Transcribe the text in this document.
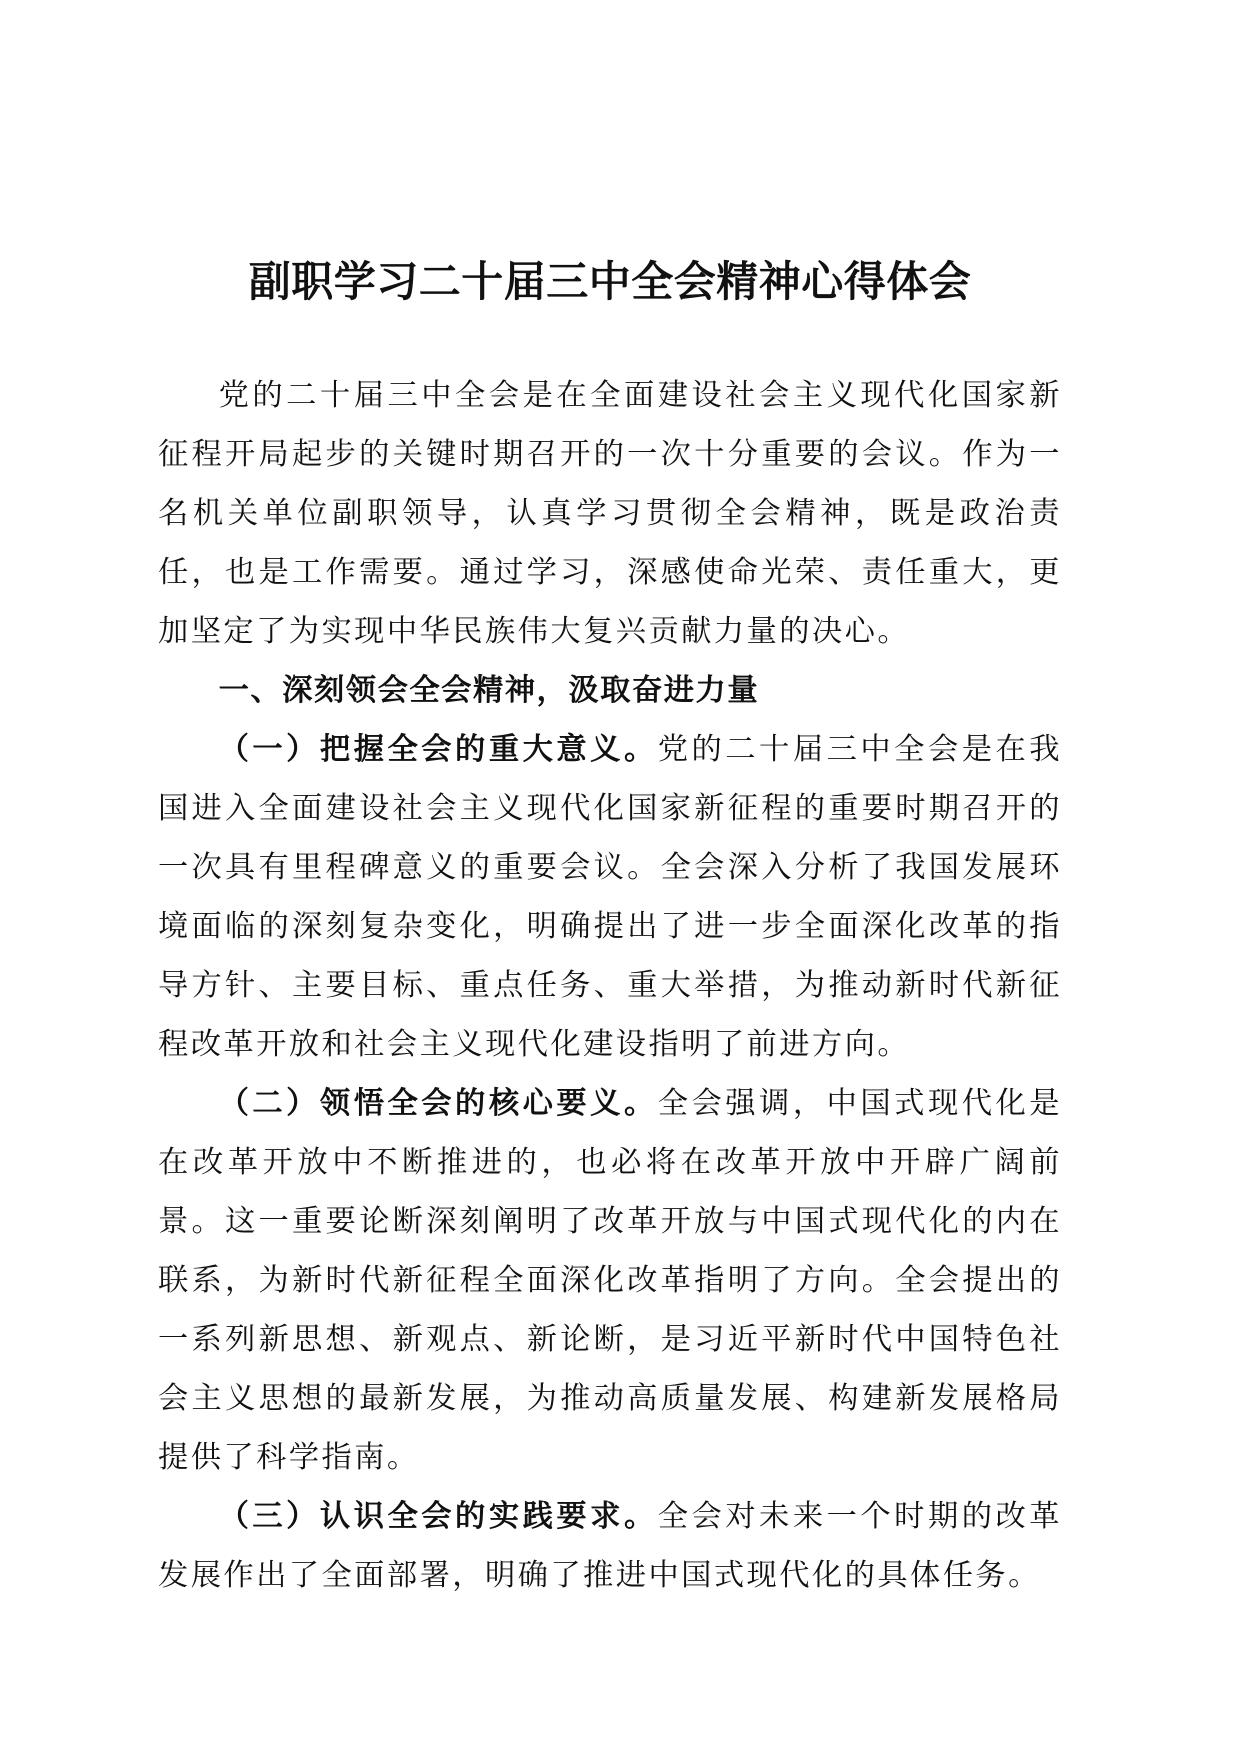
副职学习二十届三中全会精神心得体会

党的二十届三中全会是在全面建设社会主义现代化国家新征程开局起步的关键时期召开的一次十分重要的会议。作为一名机关单位副职领导，认真学习贯彻全会精神，既是政治责任，也是工作需要。通过学习，深感使命光荣、责任重大，更加坚定了为实现中华民族伟大复兴贡献力量的决心。

一、深刻领会全会精神，汲取奋进力量

（一）把握全会的重大意义。党的二十届三中全会是在我国进入全面建设社会主义现代化国家新征程的重要时期召开的一次具有里程碑意义的重要会议。全会深入分析了我国发展环境面临的深刻复杂变化，明确提出了进一步全面深化改革的指导方针、主要目标、重点任务、重大举措，为推动新时代新征程改革开放和社会主义现代化建设指明了前进方向。

（二）领悟全会的核心要义。全会强调，中国式现代化是在改革开放中不断推进的，也必将在改革开放中开辟广阔前景。这一重要论断深刻阐明了改革开放与中国式现代化的内在联系，为新时代新征程全面深化改革指明了方向。全会提出的一系列新思想、新观点、新论断，是习近平新时代中国特色社会主义思想的最新发展，为推动高质量发展、构建新发展格局提供了科学指南。

（三）认识全会的实践要求。全会对未来一个时期的改革发展作出了全面部署，明确了推进中国式现代化的具体任务。
